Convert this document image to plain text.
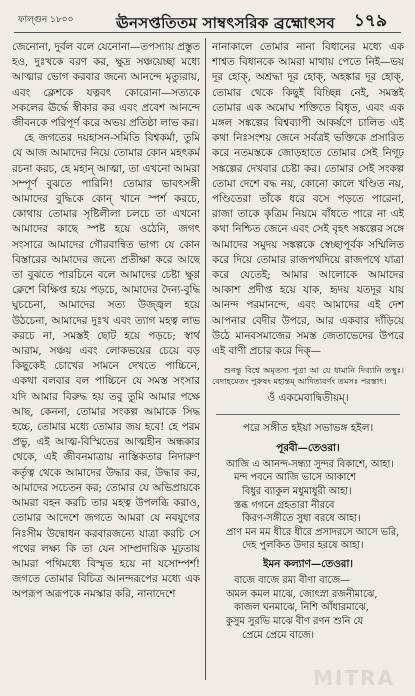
ফাল্গুন ১৮০০	ঊনসপ্ততিতম সাম্বৎসরিক ব্রহ্মোৎসব ১৭৯

জেনোনা, দুর্বল বলে যেনোনা—তপস্যায় প্রস্তুত হও, দুঃখকে বরণ কর, ক্ষুদ্র সঞ্চয়েচ্ছা মধ্যে আত্মার ভোগ করবার জন্যে আনন্দে মৃত্যুরায়, এবং ক্লেশকে যত্নবৎ কোরোনা—সত্যকে সকলের ঊর্দ্ধে স্বীকার কর এবং প্রবেশ আনন্দে জীবনকে পরিপূর্ণ করে অভয় প্রতিষ্ঠা লাভ কর।

হে জগতের দয়হাসন-সমিতি বিশ্বকর্মা, তুমি যে আজ আমাদের নিয়ে তোমার কোন মহৎকর্ম রচনা করচ, হে মহান্ আত্মা, তা এখনো আমরা সম্পূর্ণ বুঝতে পারিনি! তোমার ভাবৎসঙ্গী আমাদের বুদ্ধিকে কোন্ খানে স্পর্শ করচে, কোথায় তোমার সৃষ্টিলীলা চলচে তা এখনো আমাদের কাছে স্পষ্ট হয়ে ওঠেনি, জগৎ সংসারে আমাদের গৌরবান্বিত ভাগ্য যে কোন বিস্তারের আমাদের জন্যে প্রতীক্ষা করে আছে তা বুঝতে পারচিনে বলে আমাদের চেষ্টা ক্ষুণ্ণ ক্লেশে বিক্ষিপ্ত হয়ে পড়চে, আমাদের দৈন্য-বুদ্ধি ঘুচচেনা, আমাদের সত্য উজ্জ্বল হয়ে উঠচেনা, আমাদের দুঃখ এবং ত্যাগ মহত্ব লাভ করচে না, সমস্তই ছোট হয়ে পড়চে; স্বার্থ আরাম, সঞ্চয় এবং লোকভয়ের চেয়ে বড় কিছুকেই চোখের সামনে দেখতে পাচ্চিনে, একথা বলবার বল পাচ্চিনে যে সমস্ত সংসার যদি আমার বিরুদ্ধ হয় তবু তুমি আমার পক্ষে আছ, কেননা, তোমার সংকল্প আমাকে সিদ্ধ হচ্চে, তোমার মধ্যে তোমার জয় হবে! হে পরম প্রভু, এই আত্ম-বিস্মিতের আত্মহীন অন্ধকার থেকে, এই জীবনমাত্রায় নাস্তিকতার নিদারুণ কর্তৃত্ব থেকে আমাদের উদ্ধার কর, উদ্ধার কর, আমাদের সচেতন কর; তোমার যে অভিপ্রায়কে আমরা বহন করচি তার মহত্ব উপলব্ধি করাও, তোমার আদেশে জগতে আমরা যে নবযুগের নিঃসীম উদ্বোধন করবারজন্যে যাত্রা করচি সে পথের লক্ষ্য কি তা যেন সাম্প্রদায়িক মূঢ়তায় আমরা পথিমধ্যে বিস্মৃত হয়ে না যসোম্পর্শ! জগতে তোমার বিচিত্র আনন্দরূপের মধ্যে এক অপরূপ অরূপকে নমস্কার করি, নানাদেশে

নানাকালে তোমার নানা বিধানের মধ্যে এক শাশ্বত বিধানকে আমরা মাথায় পেতে নিই—ভয় দূর হোক্, অশ্রদ্ধা দূর হোক্, অহঙ্কার দূর হোক্, তোমার থেকে কিছুই বিচ্ছিন্ন নেই, সমস্তই তোমার এক অমোঘ শক্তিতে বিধৃত, এবং এক মঙ্গল সঙ্কল্পের বিশ্বব্যাপী আকর্ষণে চালিত এই কথা নিঃসংশয় জেনে সর্বত্রই ভক্তিকে প্রসারিত করে নতমস্তকে জোড়হাতে তোমার সেই নিগূঢ় সঙ্কল্পের দেখবার চেষ্টা কর। তোমার সেই সংকল্প তোমা দেশে বদ্ধ নয়, কোনো কালে খণ্ডিত নয়, পণ্ডিতেরা তাঁকে ধরে বসে পড়তে পারেনা, রাজা তাকে কৃত্রিম নিয়মে বাঁধতে পারে না এই কথা নিশ্চিত জেনে এবং সেই বৃহৎ সঙ্কল্পের সঙ্গে আমাদের সমুদয় সঙ্কল্পকে স্বেচ্ছাপূর্বক সম্মিলিত করে দিয়ে তোমার রাজপথদিয়ে রাজপথে যাত্রা করে যেতেই; আমার আলোকে আমাদের আকাশ প্রদীপ্ত হয়ে যাক, হৃদয় যতদূর যায় আনন্দ পরমানন্দে, এবং আমাদের এই দেশ আপনার বেদীর উপরে, আর একবার দাঁড়িয়ে উঠে মানবসমাজের সমস্ত জেতাভেদের উপরে এই বাণী প্রচার করে দিক্—

শুনন্তু বিশ্বে অমৃতস্য পুত্রা আ যে ধামানি দিব্যানি তস্থুঃ। বেদাহমেতং পুরুষং মহান্তম্ আদিত্যবর্ণং তমসঃ পরস্তাৎ।

ওঁ একমেবাদ্বিতীয়ম্।

পরে সঙ্গীত হইয়া সভাভঙ্গ হইল।

পূরবী—তেওরা।

আজি এ আনন্দ-সন্ধ্যা সুন্দর বিকাশে, আহা।
মন্দ পবনে আজি ভাসে আকাশে
বিধুর ব্যাকুল মধুমাধুরী আহা।
স্তব্ধ গগনে গ্রহতারা নীরবে
কিরণ-সঙ্গীতে সুধা বরষে আহা।
প্রাণ মন মম ধীরে ধীরে প্রসাদরসে আসে ভরি,
দেহ পুলকিত উদার হরষে আহা।

ইমন কল্যাণ—তেওরা।

বাজে বাজে রম্য বীণা বাজে—
অমল কমল মাঝে, জোৎস্না রজনীমাঝে,
কাজল ঘনমাঝে, নিশি আঁধারমাঝে,
কুসুম সুরভি মাঝে বীণ রণন শুনি যে
প্রেমে প্রেমে বাজে।
MITRA
